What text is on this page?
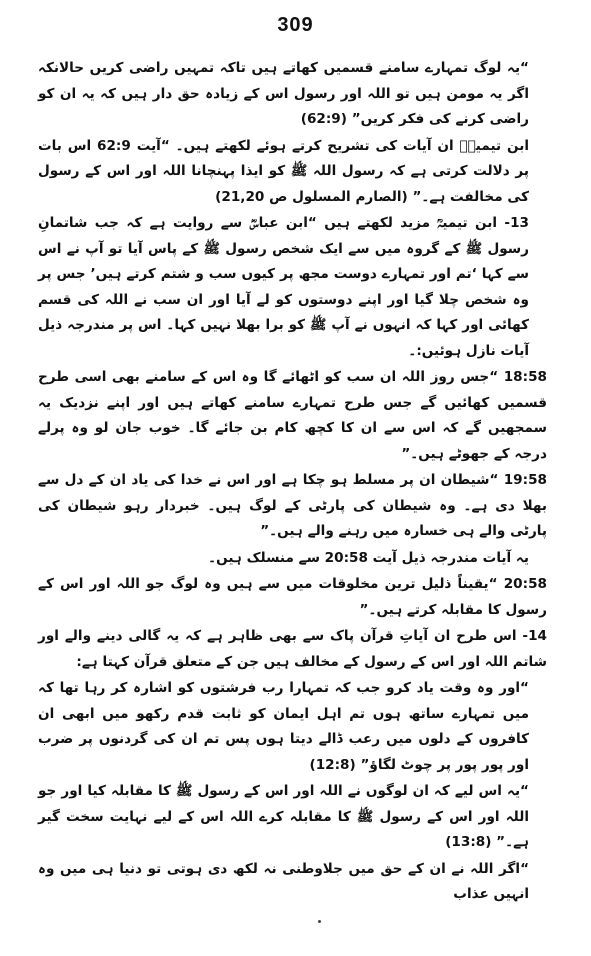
309

“یہ لوگ تمہارے سامنے قسمیں کھاتے ہیں تاکہ تمہیں راضی کریں حالانکہ اگر یہ مومن ہیں تو اللہ اور رسول اس کے زیادہ حق دار ہیں کہ یہ ان کو راضی کرنے کی فکر کریں” (62:9)

ابن تیمیہؒ ان آیات کی تشریح کرتے ہوئے لکھتے ہیں۔ “آیت 62:9 اس بات پر دلالت کرتی ہے کہ رسول اللہ ﷺ کو ایذا پہنچانا اللہ اور اس کے رسول کی مخالفت ہے۔” (الصارم المسلول ص 21,20)

13- ابن تیمیہؒ مزید لکھتے ہیں “ابن عباسؓ سے روایت ہے کہ جب شاتمانِ رسول ﷺ کے گروہ میں سے ایک شخص رسول ﷺ کے پاس آیا تو آپ نے اس سے کہا ‘تم اور تمہارے دوست مجھ پر کیوں سب و شتم کرتے ہیں’ جس پر وہ شخص چلا گیا اور اپنے دوستوں کو لے آیا اور ان سب نے اللہ کی قسم کھائی اور کہا کہ انہوں نے آپ ﷺ کو برا بھلا نہیں کہا۔ اس پر مندرجہ ذیل آیات نازل ہوئیں:۔

18:58 “جس روز اللہ ان سب کو اٹھائے گا وہ اس کے سامنے بھی اسی طرح قسمیں کھائیں گے جس طرح تمہارے سامنے کھاتے ہیں اور اپنے نزدیک یہ سمجھیں گے کہ اس سے ان کا کچھ کام بن جائے گا۔ خوب جان لو وہ پرلے درجہ کے جھوٹے ہیں۔”

19:58 “شیطان ان پر مسلط ہو چکا ہے اور اس نے خدا کی یاد ان کے دل سے بھلا دی ہے۔ وہ شیطان کی پارٹی کے لوگ ہیں۔ خبردار رہو شیطان کی پارٹی والے ہی خسارہ میں رہنے والے ہیں۔”

یہ آیات مندرجہ ذیل آیت 20:58 سے منسلک ہیں۔

20:58 “یقیناً ذلیل ترین مخلوقات میں سے ہیں وہ لوگ جو اللہ اور اس کے رسول کا مقابلہ کرتے ہیں۔”

14- اس طرح ان آیاتِ قرآن پاک سے بھی ظاہر ہے کہ یہ گالی دینے والے اور شاتم اللہ اور اس کے رسول کے مخالف ہیں جن کے متعلق قرآن کہتا ہے:

“اور وہ وقت یاد کرو جب کہ تمہارا رب فرشتوں کو اشارہ کر رہا تھا کہ میں تمہارے ساتھ ہوں تم اہل ایمان کو ثابت قدم رکھو میں ابھی ان کافروں کے دلوں میں رعب ڈالے دیتا ہوں پس تم ان کی گردنوں پر ضرب اور پور پور پر چوٹ لگاؤ” (12:8)

“یہ اس لیے کہ ان لوگوں نے اللہ اور اس کے رسول ﷺ کا مقابلہ کیا اور جو اللہ اور اس کے رسول ﷺ کا مقابلہ کرے اللہ اس کے لیے نہایت سخت گیر ہے۔” (13:8)

“اگر اللہ نے ان کے حق میں جلاوطنی نہ لکھ دی ہوتی تو دنیا ہی میں وہ انہیں عذاب
